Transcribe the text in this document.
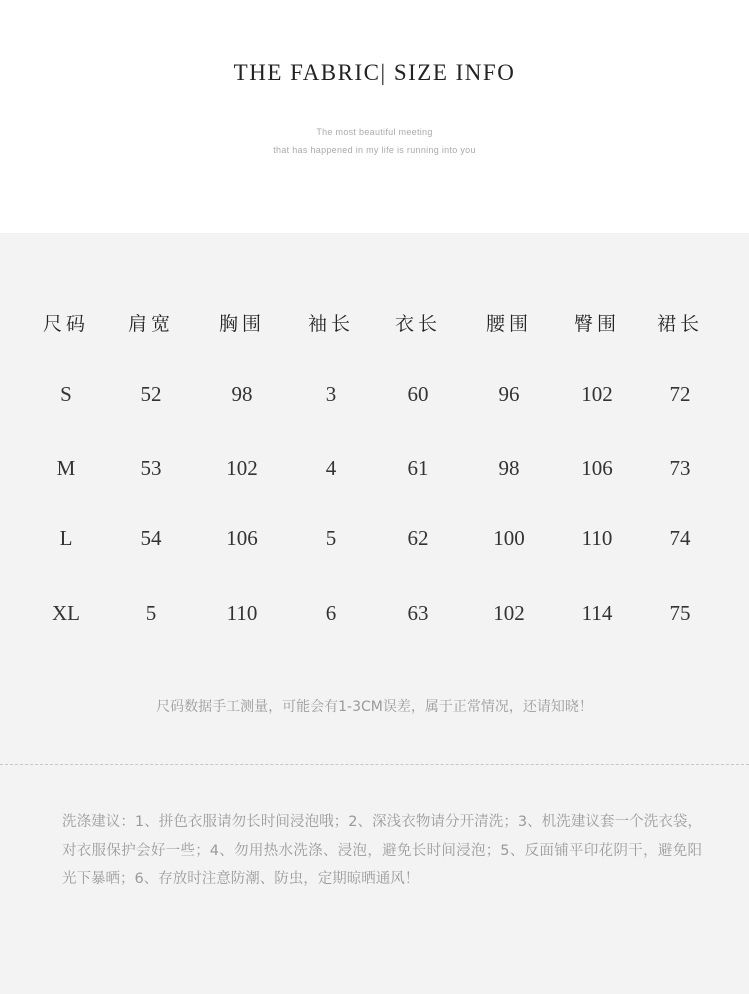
THE FABRIC| SIZE INFO
The most beautiful meeting
that has happened in my life is running into you
尺码	肩宽	胸围	袖长	衣长	腰围	臀围	裙长
S	52	98	3	60	96	102	72
M	53	102	4	61	98	106	73
L	54	106	5	62	100	110	74
XL	5	110	6	63	102	114	75
尺码数据手工测量，可能会有1-3CM误差，属于正常情况，还请知晓！
洗涤建议：1、拼色衣服请勿长时间浸泡哦；2、深浅衣物请分开清洗；3、机洗建议套一个洗衣袋，对衣服保护会好一些；4、勿用热水洗涤、浸泡，避免长时间浸泡；5、反面铺平印花阴干，避免阳光下暴晒；6、存放时注意防潮、防虫，定期晾晒通风！
